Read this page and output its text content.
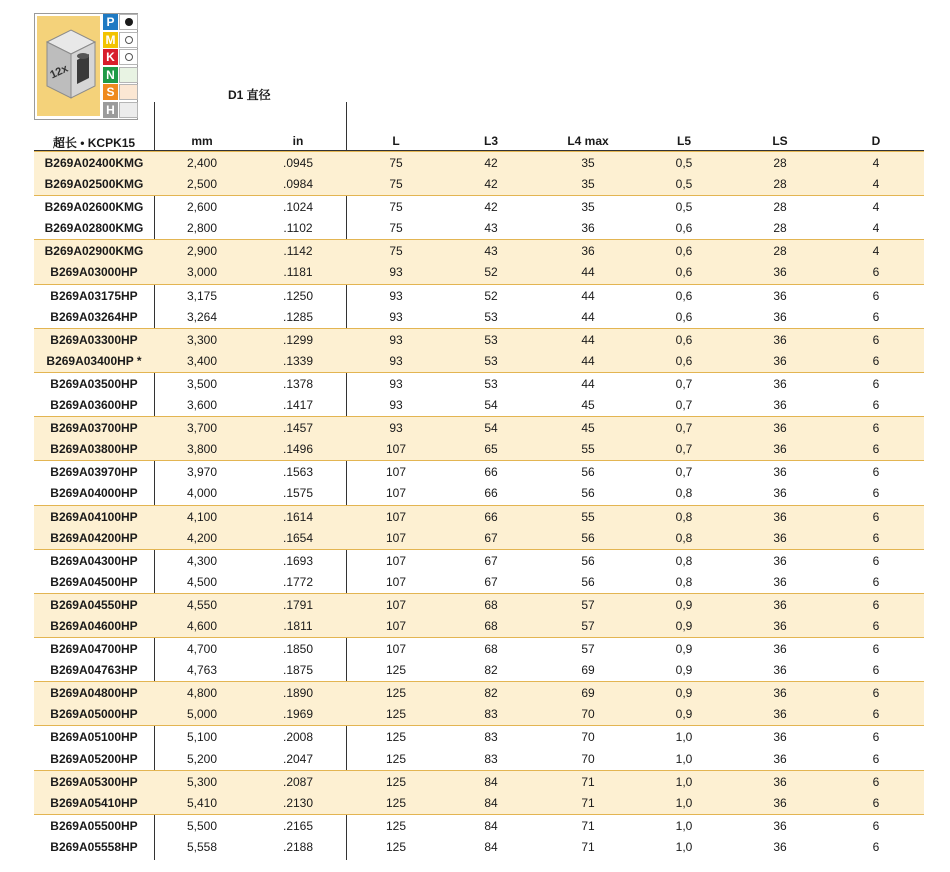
12x
P
M
K
N
S
H
D1 直径
超长 • KCPK15	mm	in	L	L3	L4 max	L5	LS	D
B269A02400KMG	2,400	.0945	75	42	35	0,5	28	4
B269A02500KMG	2,500	.0984	75	42	35	0,5	28	4
B269A02600KMG	2,600	.1024	75	42	35	0,5	28	4
B269A02800KMG	2,800	.1102	75	43	36	0,6	28	4
B269A02900KMG	2,900	.1142	75	43	36	0,6	28	4
B269A03000HP	3,000	.1181	93	52	44	0,6	36	6
B269A03175HP	3,175	.1250	93	52	44	0,6	36	6
B269A03264HP	3,264	.1285	93	53	44	0,6	36	6
B269A03300HP	3,300	.1299	93	53	44	0,6	36	6
B269A03400HP *	3,400	.1339	93	53	44	0,6	36	6
B269A03500HP	3,500	.1378	93	53	44	0,7	36	6
B269A03600HP	3,600	.1417	93	54	45	0,7	36	6
B269A03700HP	3,700	.1457	93	54	45	0,7	36	6
B269A03800HP	3,800	.1496	107	65	55	0,7	36	6
B269A03970HP	3,970	.1563	107	66	56	0,7	36	6
B269A04000HP	4,000	.1575	107	66	56	0,8	36	6
B269A04100HP	4,100	.1614	107	66	55	0,8	36	6
B269A04200HP	4,200	.1654	107	67	56	0,8	36	6
B269A04300HP	4,300	.1693	107	67	56	0,8	36	6
B269A04500HP	4,500	.1772	107	67	56	0,8	36	6
B269A04550HP	4,550	.1791	107	68	57	0,9	36	6
B269A04600HP	4,600	.1811	107	68	57	0,9	36	6
B269A04700HP	4,700	.1850	107	68	57	0,9	36	6
B269A04763HP	4,763	.1875	125	82	69	0,9	36	6
B269A04800HP	4,800	.1890	125	82	69	0,9	36	6
B269A05000HP	5,000	.1969	125	83	70	0,9	36	6
B269A05100HP	5,100	.2008	125	83	70	1,0	36	6
B269A05200HP	5,200	.2047	125	83	70	1,0	36	6
B269A05300HP	5,300	.2087	125	84	71	1,0	36	6
B269A05410HP	5,410	.2130	125	84	71	1,0	36	6
B269A05500HP	5,500	.2165	125	84	71	1,0	36	6
B269A05558HP	5,558	.2188	125	84	71	1,0	36	6
